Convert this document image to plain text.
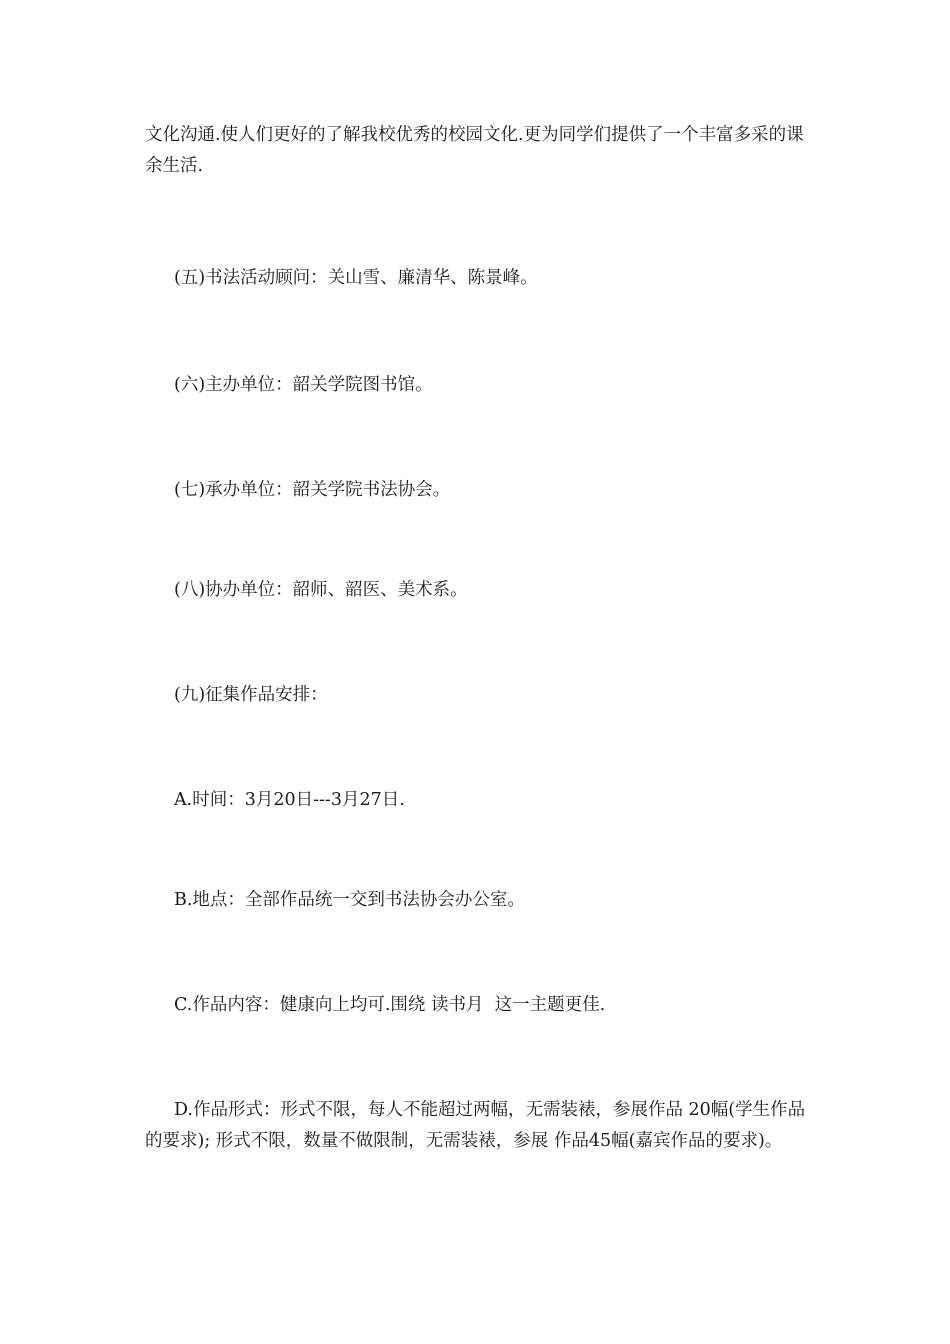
文化沟通.使人们更好的了解我校优秀的校园文化.更为同学们提供了一个丰富多采的课余生活.

(五)书法活动顾问：关山雪、廉清华、陈景峰。

(六)主办单位：韶关学院图书馆。

(七)承办单位：韶关学院书法协会。

(八)协办单位：韶师、韶医、美术系。

(九)征集作品安排：

A.时间：3月20日---3月27日.

B.地点：全部作品统一交到书法协会办公室。

C.作品内容：健康向上均可.围绕 读书月  这一主题更佳.

D.作品形式：形式不限，每人不能超过两幅，无需装裱，参展作品 20幅(学生作品的要求); 形式不限，数量不做限制，无需装裱，参展 作品45幅(嘉宾作品的要求)。
